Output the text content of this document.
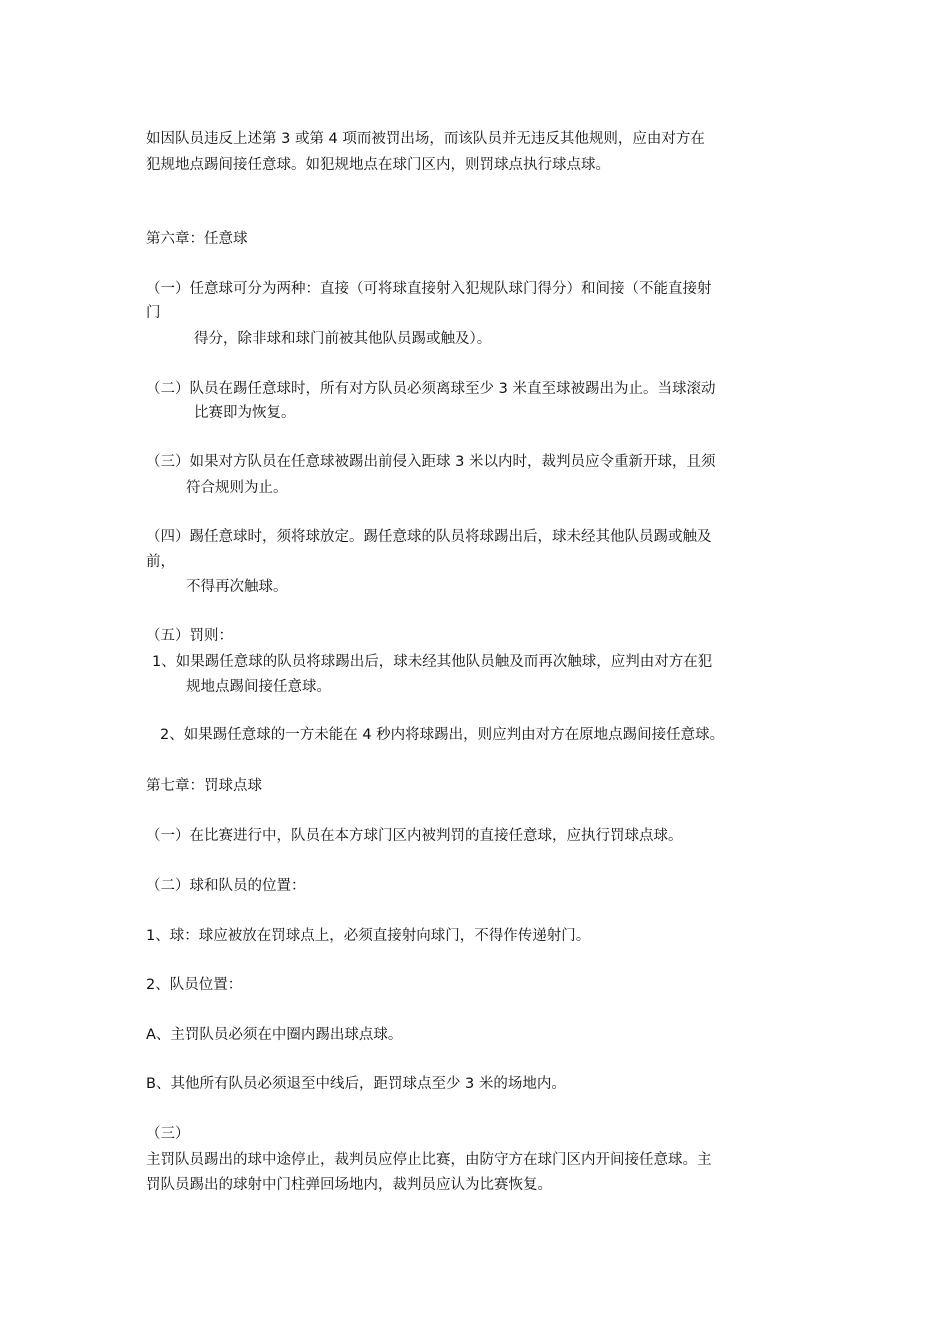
如因队员违反上述第 3 或第 4 项而被罚出场，而该队员并无违反其他规则，应由对方在
犯规地点踢间接任意球。如犯规地点在球门区内，则罚球点执行球点球。
第六章：任意球
（一）任意球可分为两种：直接（可将球直接射入犯规队球门得分）和间接（不能直接射
门
得分，除非球和球门前被其他队员踢或触及）。
（二）队员在踢任意球时，所有对方队员必须离球至少 3 米直至球被踢出为止。当球滚动
比赛即为恢复。
（三）如果对方队员在任意球被踢出前侵入距球 3 米以内时，裁判员应令重新开球，且须
符合规则为止。
（四）踢任意球时，须将球放定。踢任意球的队员将球踢出后，球未经其他队员踢或触及
前，
不得再次触球。
（五）罚则：
1、如果踢任意球的队员将球踢出后，球未经其他队员触及而再次触球，应判由对方在犯
规地点踢间接任意球。
2、如果踢任意球的一方未能在 4 秒内将球踢出，则应判由对方在原地点踢间接任意球。
第七章：罚球点球
（一）在比赛进行中，队员在本方球门区内被判罚的直接任意球，应执行罚球点球。
（二）球和队员的位置：
1、球：球应被放在罚球点上，必须直接射向球门，不得作传递射门。
2、队员位置：
A、主罚队员必须在中圈内踢出球点球。
B、其他所有队员必须退至中线后，距罚球点至少 3 米的场地内。
（三）
主罚队员踢出的球中途停止，裁判员应停止比赛，由防守方在球门区内开间接任意球。主
罚队员踢出的球射中门柱弹回场地内，裁判员应认为比赛恢复。
